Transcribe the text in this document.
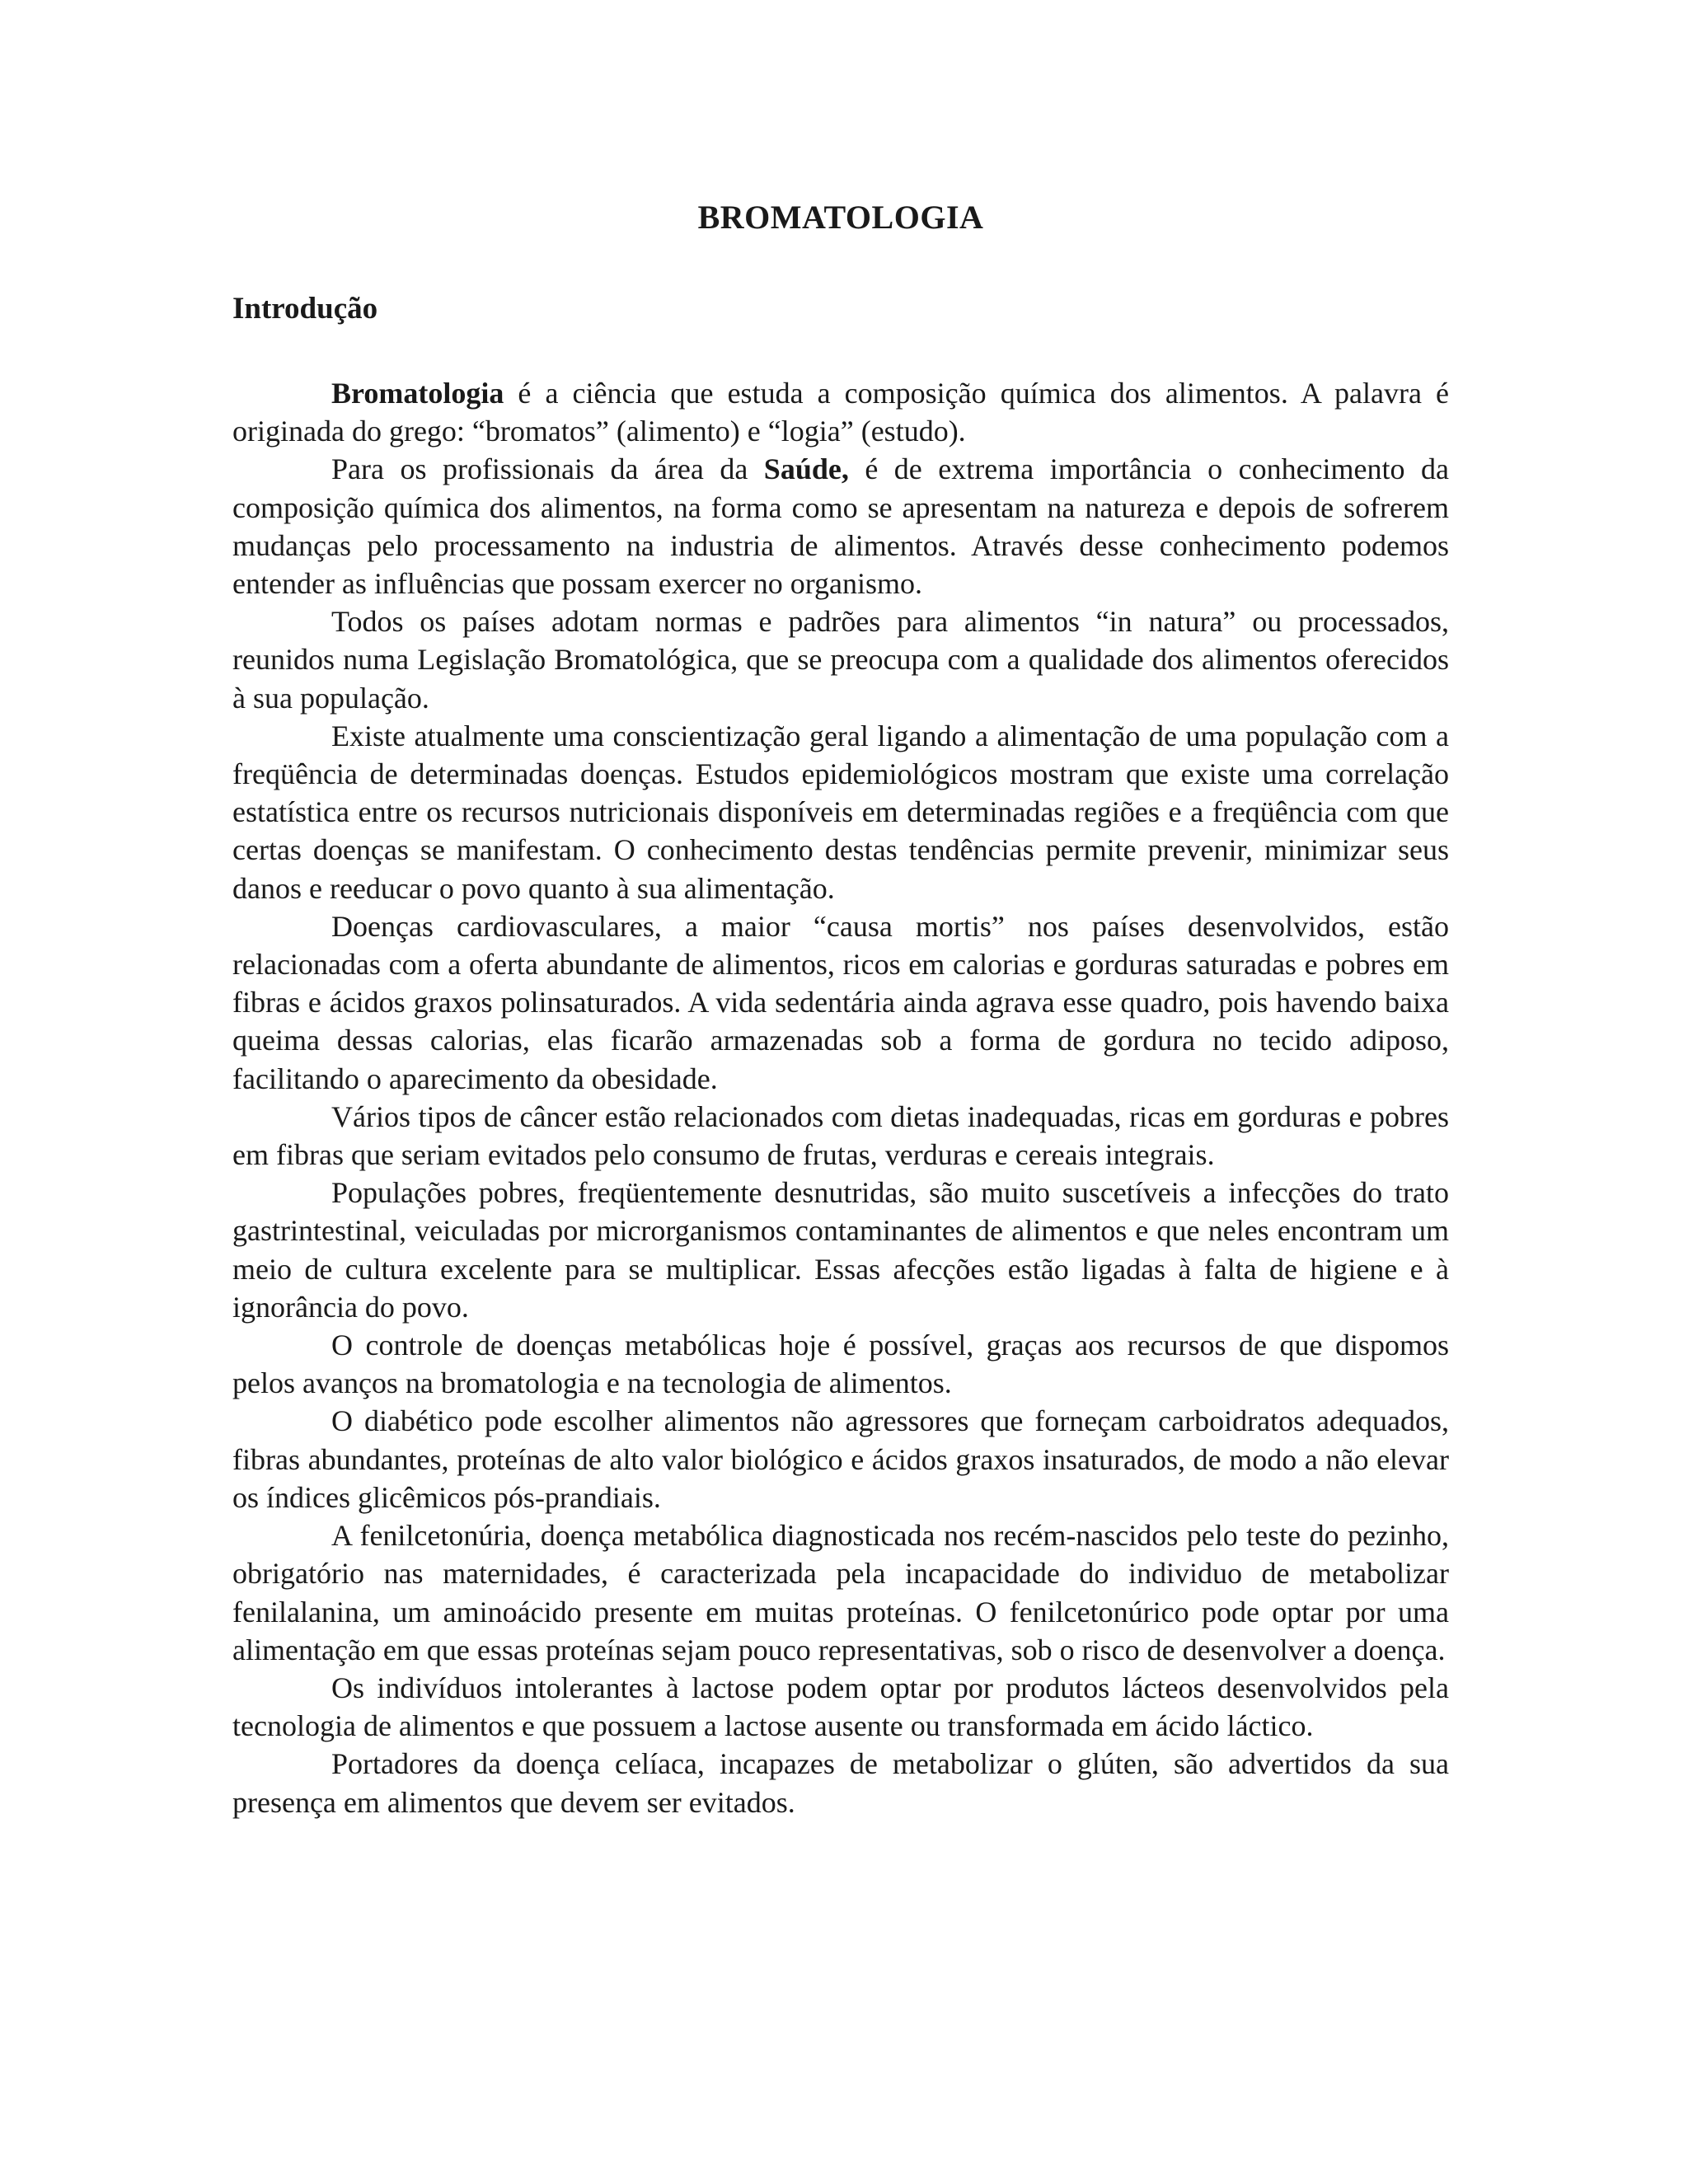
BROMATOLOGIA
Introdução

Bromatologia é a ciência que estuda a composição química dos alimentos. A palavra é originada do grego: “bromatos” (alimento) e “logia” (estudo).

Para os profissionais da área da Saúde, é de extrema importância o conhecimento da composição química dos alimentos, na forma como se apresentam na natureza e depois de sofrerem mudanças pelo processamento na industria de alimentos. Através desse conhecimento podemos entender as influências que possam exercer no organismo.

Todos os países adotam normas e padrões para alimentos “in natura” ou processados, reunidos numa Legislação Bromatológica, que se preocupa com a qualidade dos alimentos oferecidos à sua população.

Existe atualmente uma conscientização geral ligando a alimentação de uma população com a freqüência de determinadas doenças. Estudos epidemiológicos mostram que existe uma correlação estatística entre os recursos nutricionais disponíveis em determinadas regiões e a freqüência com que certas doenças se manifestam. O conhecimento destas tendências permite prevenir, minimizar seus danos e reeducar o povo quanto à sua alimentação.

Doenças cardiovasculares, a maior “causa mortis” nos países desenvolvidos, estão relacionadas com a oferta abundante de alimentos, ricos em calorias e gorduras saturadas e pobres em fibras e ácidos graxos polinsaturados. A vida sedentária ainda agrava esse quadro, pois havendo baixa queima dessas calorias, elas ficarão armazenadas sob a forma de gordura no tecido adiposo, facilitando o aparecimento da obesidade.

Vários tipos de câncer estão relacionados com dietas inadequadas, ricas em gorduras e pobres em fibras que seriam evitados pelo consumo de frutas, verduras e cereais integrais.

Populações pobres, freqüentemente desnutridas, são muito suscetíveis a infecções do trato gastrintestinal, veiculadas por microrganismos contaminantes de alimentos e que neles encontram um meio de cultura excelente para se multiplicar. Essas afecções estão ligadas à falta de higiene e à ignorância do povo.

O controle de doenças metabólicas hoje é possível, graças aos recursos de que dispomos pelos avanços na bromatologia e na tecnologia de alimentos.

O diabético pode escolher alimentos não agressores que forneçam carboidratos adequados, fibras abundantes, proteínas de alto valor biológico e ácidos graxos insaturados, de modo a não elevar os índices glicêmicos pós-prandiais.

A fenilcetonúria, doença metabólica diagnosticada nos recém-nascidos pelo teste do pezinho, obrigatório nas maternidades, é caracterizada pela incapacidade do individuo de metabolizar fenilalanina, um aminoácido presente em muitas proteínas. O fenilcetonúrico pode optar por uma alimentação em que essas proteínas sejam pouco representativas, sob o risco de desenvolver a doença.

Os indivíduos intolerantes à lactose podem optar por produtos lácteos desenvolvidos pela tecnologia de alimentos e que possuem a lactose ausente ou transformada em ácido láctico.

Portadores da doença celíaca, incapazes de metabolizar o glúten, são advertidos da sua presença em alimentos que devem ser evitados.
